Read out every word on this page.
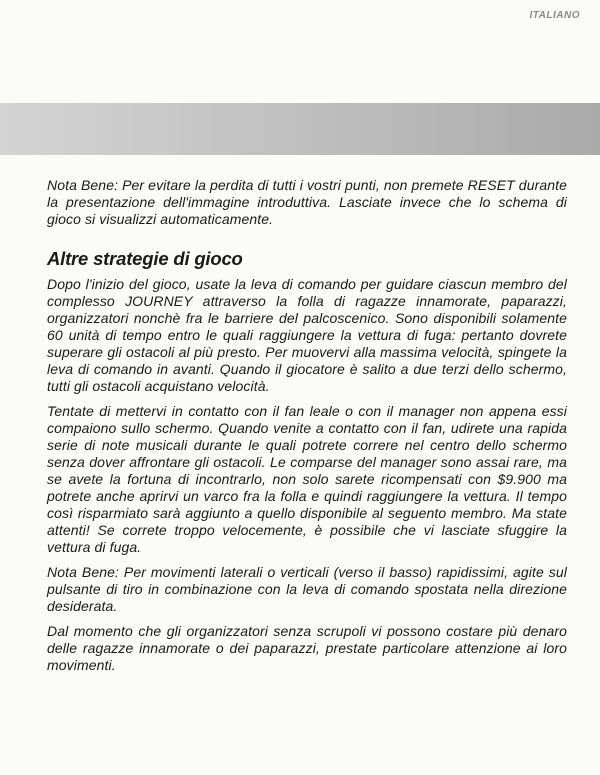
ITALIANO

Nota Bene: Per evitare la perdita di tutti i vostri punti, non premete RESET durante la presentazione dell'immagine introduttiva. Lasciate invece che lo schema di gioco si visualizzi automaticamente.

Altre strategie di gioco

Dopo l'inizio del gioco, usate la leva di comando per guidare ciascun membro del complesso JOURNEY attraverso la folla di ragazze innamorate, paparazzi, organizzatori nonchè fra le barriere del palcoscenico. Sono disponibili solamente 60 unità di tempo entro le quali raggiungere la vettura di fuga: pertanto dovrete superare gli ostacoli al più presto. Per muovervi alla massima velocità, spingete la leva di comando in avanti. Quando il giocatore è salito a due terzi dello schermo, tutti gli ostacoli acquistano velocità.

Tentate di mettervi in contatto con il fan leale o con il manager non appena essi compaiono sullo schermo. Quando venite a contatto con il fan, udirete una rapida serie di note musicali durante le quali potrete correre nel centro dello schermo senza dover affrontare gli ostacoli. Le comparse del manager sono assai rare, ma se avete la fortuna di incontrarlo, non solo sarete ricompensati con $9.900 ma potrete anche aprirvi un varco fra la folla e quindi raggiungere la vettura. Il tempo così risparmiato sarà aggiunto a quello disponibile al seguento membro. Ma state attenti! Se correte troppo velocemente, è possibile che vi lasciate sfuggire la vettura di fuga.

Nota Bene: Per movimenti laterali o verticali (verso il basso) rapidissimi, agite sul pulsante di tiro in combinazione con la leva di comando spostata nella direzione desiderata.

Dal momento che gli organizzatori senza scrupoli vi possono costare più denaro delle ragazze innamorate o dei paparazzi, prestate particolare attenzione ai loro movimenti.
